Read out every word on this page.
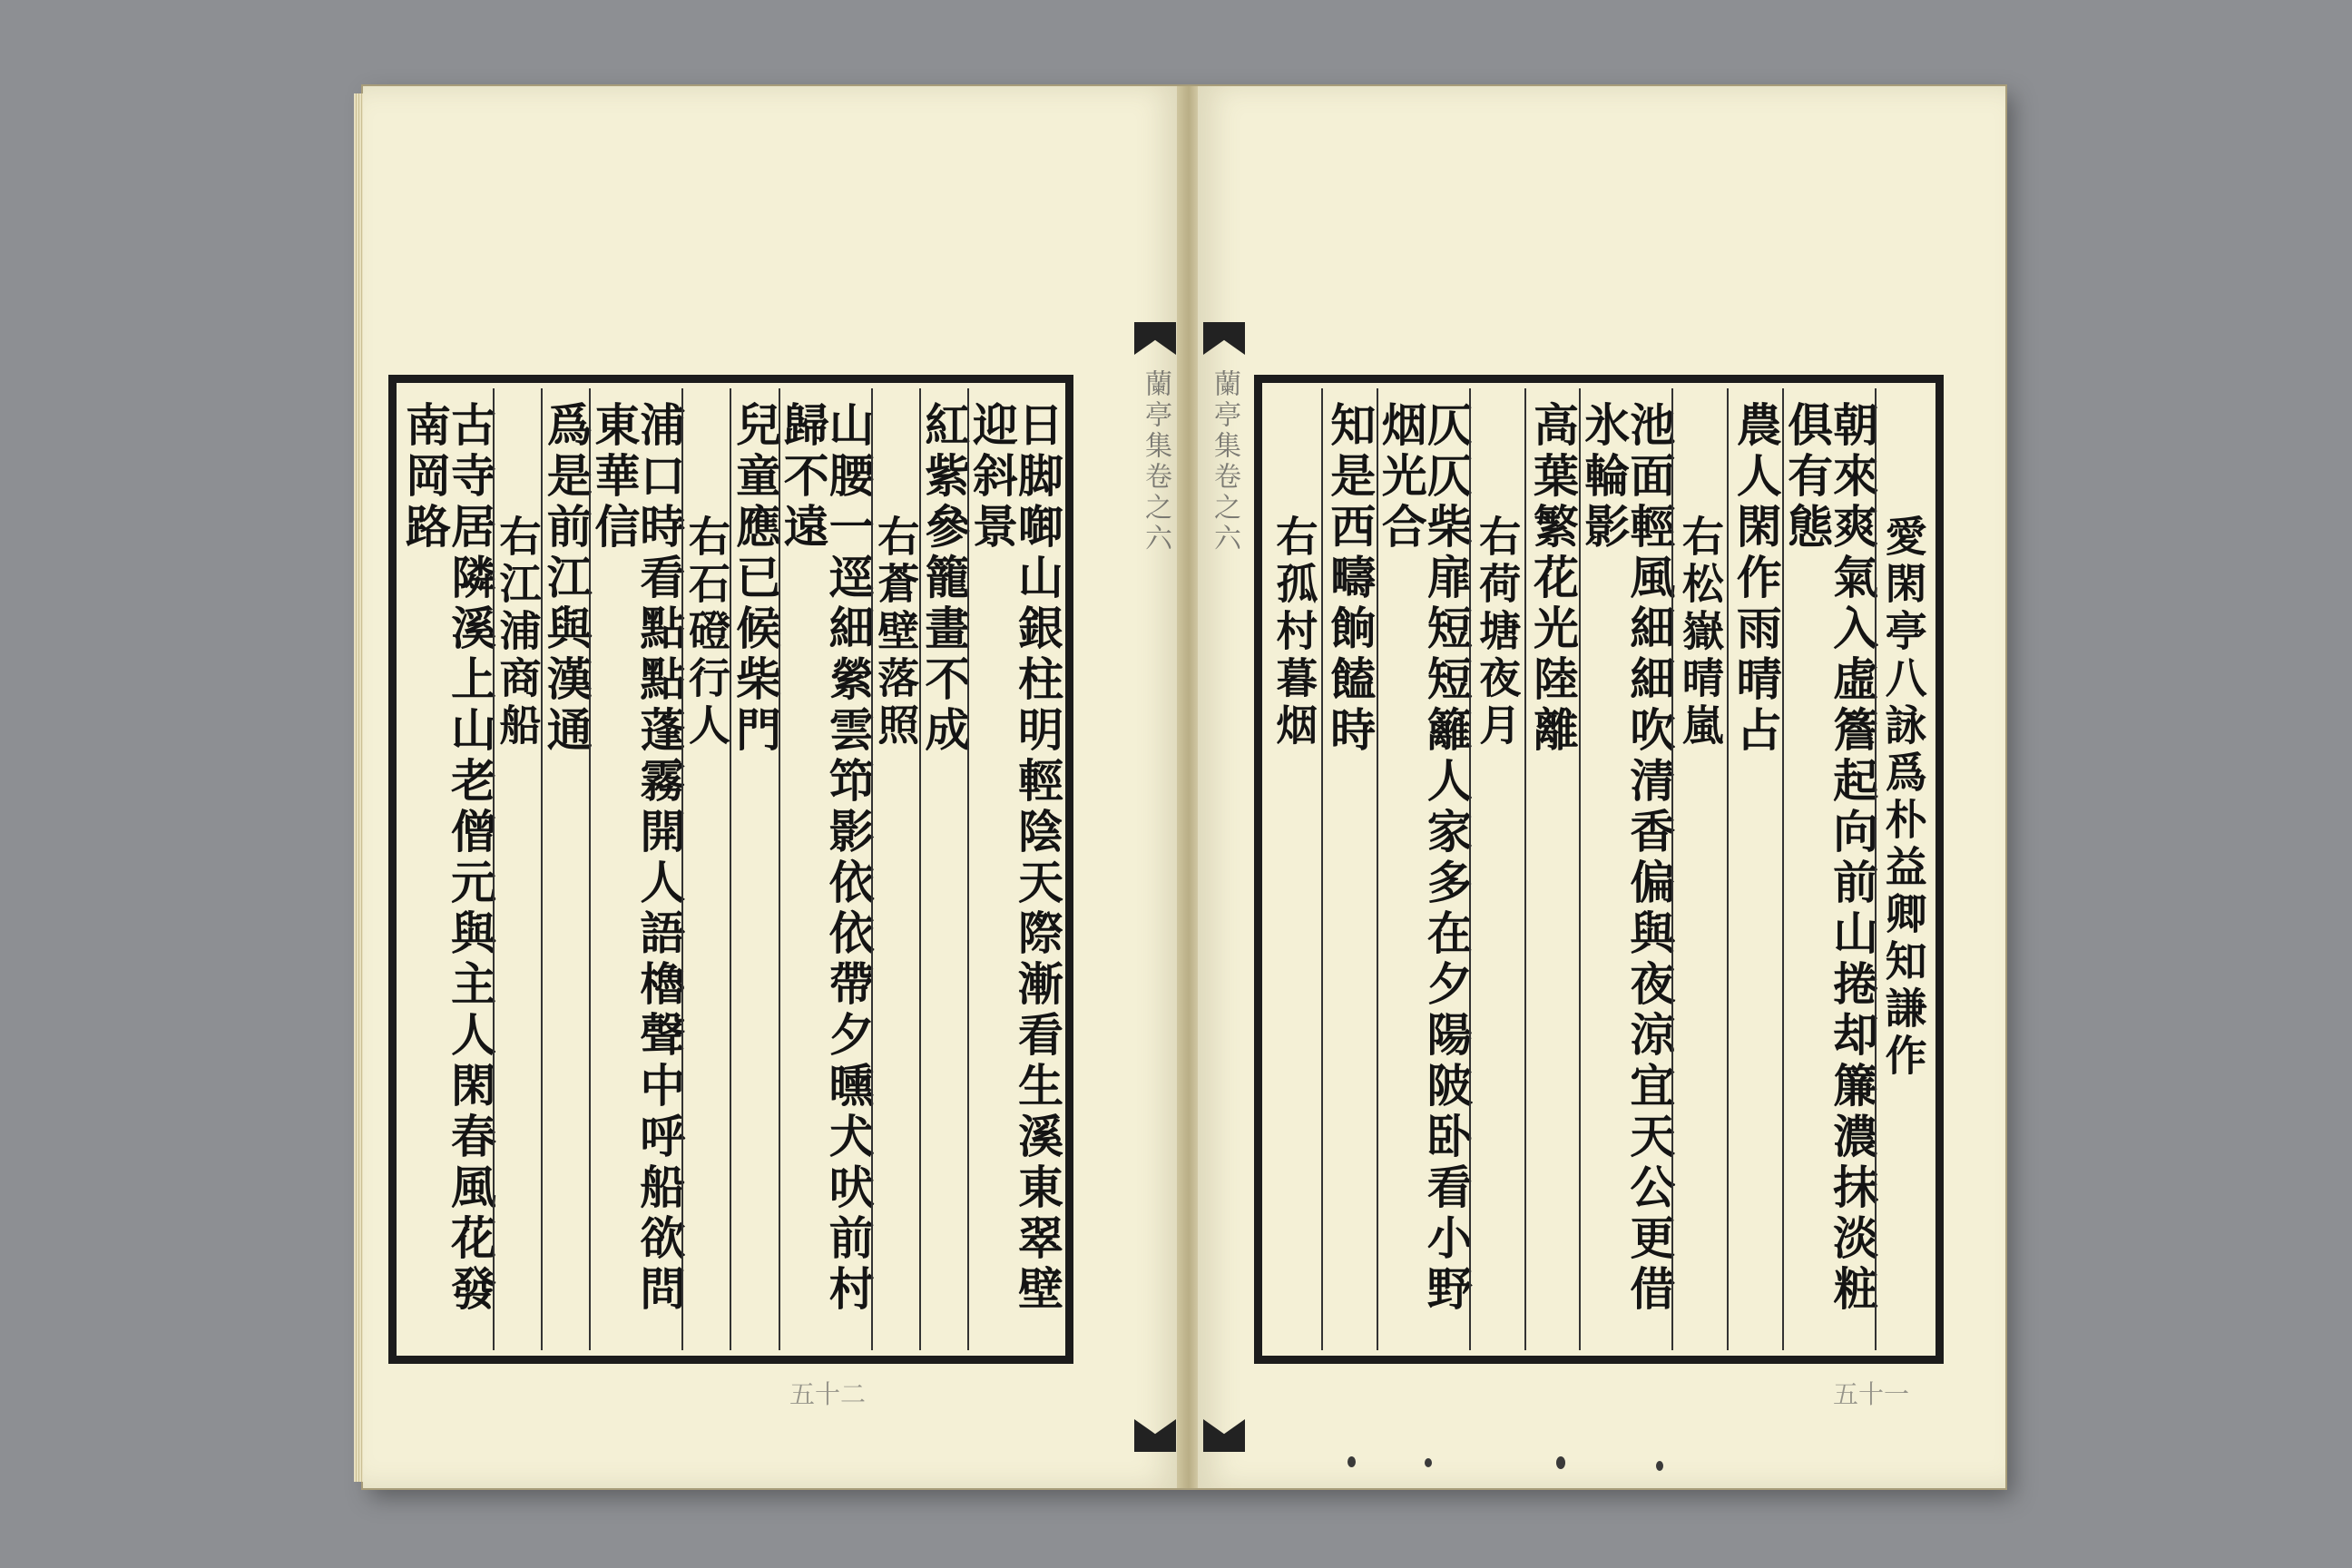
日脚啣山銀柱明輕陰天際漸看生溪東翠壁迎斜景
紅紫參籠畫不成
右蒼壁落照
山腰一逕細縈雲笻影依依帶夕曛犬吠前村歸不遠
兒童應已候柴門
右石磴行人
浦口時看點點蓬霧開人語櫓聲中呼船欲問東華信
爲是前江與漢通
右江浦商船
古寺居隣溪上山老僧元與主人閑春風花發南岡路	蘭亭集卷之六
五十二
蘭亭集卷之六
愛閑亭八詠爲朴益卿知謙作
朝來爽氣入虛簷起向前山捲却簾濃抹淡粧俱有態
農人閑作雨晴占
右松嶽晴嵐
池面輕風細細吹清香偏與夜涼宜天公更借氷輪影
高葉繁花光陸離
右荷塘夜月
仄仄柴扉短短籬人家多在夕陽陂卧看小野烟光合
知是西疇餉饁時
右孤村暮烟
五十一
